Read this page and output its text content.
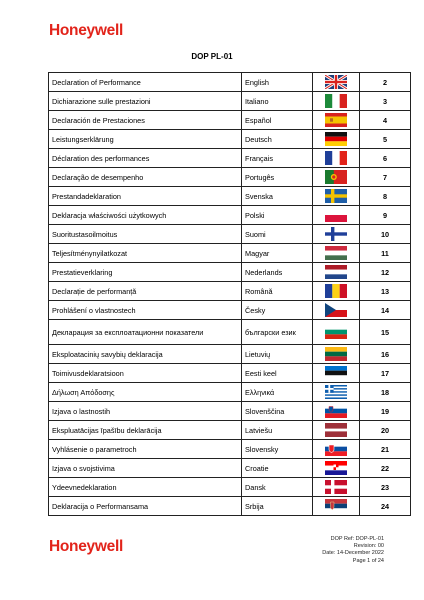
Honeywell
DOP PL-01
Declaration of Performance	English		2
Dichiarazione sulle prestazioni	Italiano		3
Declaración de Prestaciones	Español		4
Leistungserklärung	Deutsch		5
Déclaration des performances	Français		6
Declaração de desempenho	Portugês		7
Prestandadeklaration	Svenska		8
Deklaracja właściwości użytkowych	Polski		9
Suoritustasoilmoitus	Suomi		10
Teljesítménynyilatkozat	Magyar		11
Prestatieverklaring	Nederlands		12
Declarație de performanță	Română		13
Prohlášení o vlastnostech	Česky		14
Декларация за експлоатационни показатели	български език		15
Eksploatacinių savybių deklaracija	Lietuvių		16
Toimivusdeklaratsioon	Eesti keel		17
Δήλωση Απόδοσης	Ελληνικά		18
Izjava o lastnostih	Slovenščina		19
Ekspluatācijas īpašību deklarācija	Latviešu		20
Vyhlásenie o parametroch	Slovensky		21
Izjava o svojstivima	Croatie		22
Ydeevnedeklaration	Dansk		23
Deklaracija o Performansama	Srbija		24
Honeywell	DOP Ref: DOP-PL-01
Revision: 00
Date: 14-December 2022
Page 1 of 24
